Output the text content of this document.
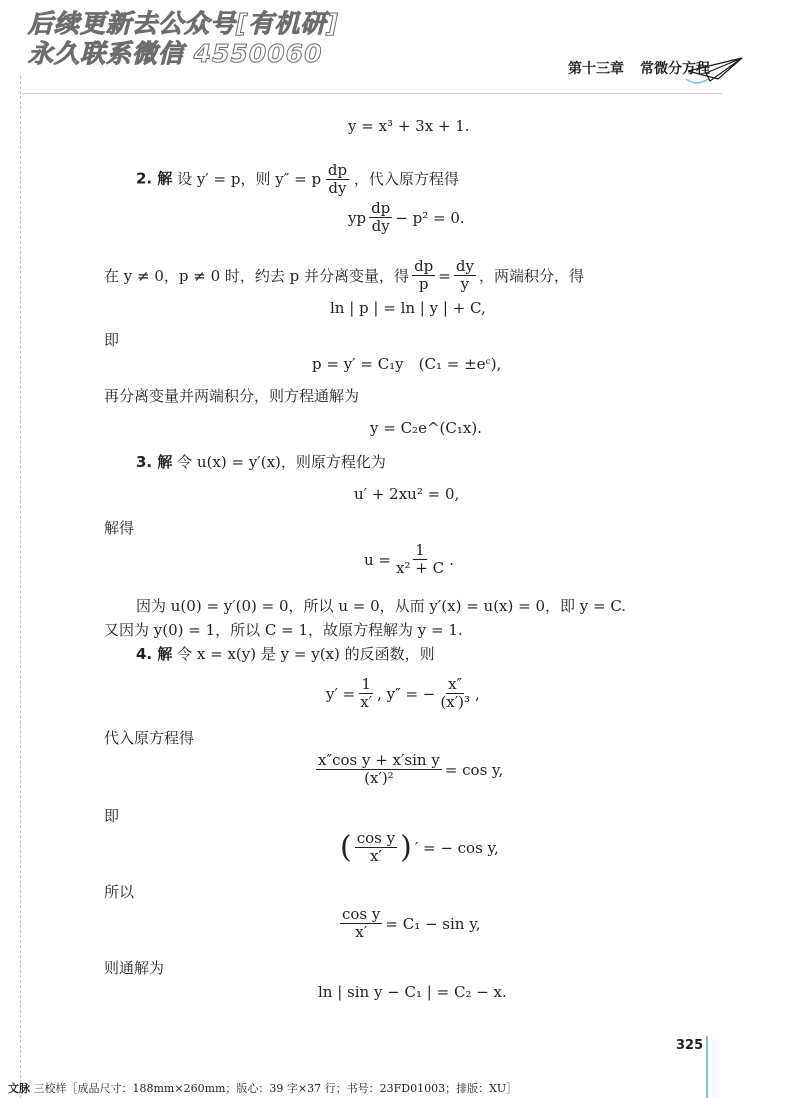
后续更新去公众号[有机研]
永久联系微信 4550060
第十三章 常微分方程
y = x³ + 3x + 1.
2. 解 设 y′ = p，则 y″ = p $\frac{dp}{dy}$ ，代入原方程得
yp $\frac{dp}{dy} - p^2 = 0$.
在 y ≠ 0，p ≠ 0 时，约去 p 并分离变量，得 $\frac{dp}{p} = \frac{dy}{y}$ ，两端积分，得
ln | p | = ln | y | + C,
即
p = y′ = C₁y　(C₁ = ±eᶜ),
再分离变量并两端积分，则方程通解为
y = C₂e^(C₁x).
3. 解 令 u(x) = y′(x)，则原方程化为
u′ + 2xu² = 0,
解得
$u = \frac{1}{\text{x² + C}}$ .
因为 u(0) = y′(0) = 0，所以 u = 0，从而 y′(x) = u(x) = 0，即 y = C.
又因为 y(0) = 1，所以 C = 1，故原方程解为 y = 1.
4. 解 令 x = x(y) 是 y = y(x) 的反函数，则
$y' = \frac{1}{x'}$ , y″ = − $\frac{x''}{\text{(x′)³}}$ ,
代入原方程得
$\frac{\text{x″cos y + x′sin y}}{\text{(x′)²}} = \cos y$,
即
( $\frac{\text{cos y}}{x'}$ ) ′ = − cos y,
所以
$\frac{\text{cos y}}{x'} = C_1 - \sin y$,
则通解为
ln | sin y − C₁ | = C₂ − x.
325
文脉 三校样［成品尺寸：188mm×260mm；版心：39 字×37 行；书号：23FD01003；排版：XU］
